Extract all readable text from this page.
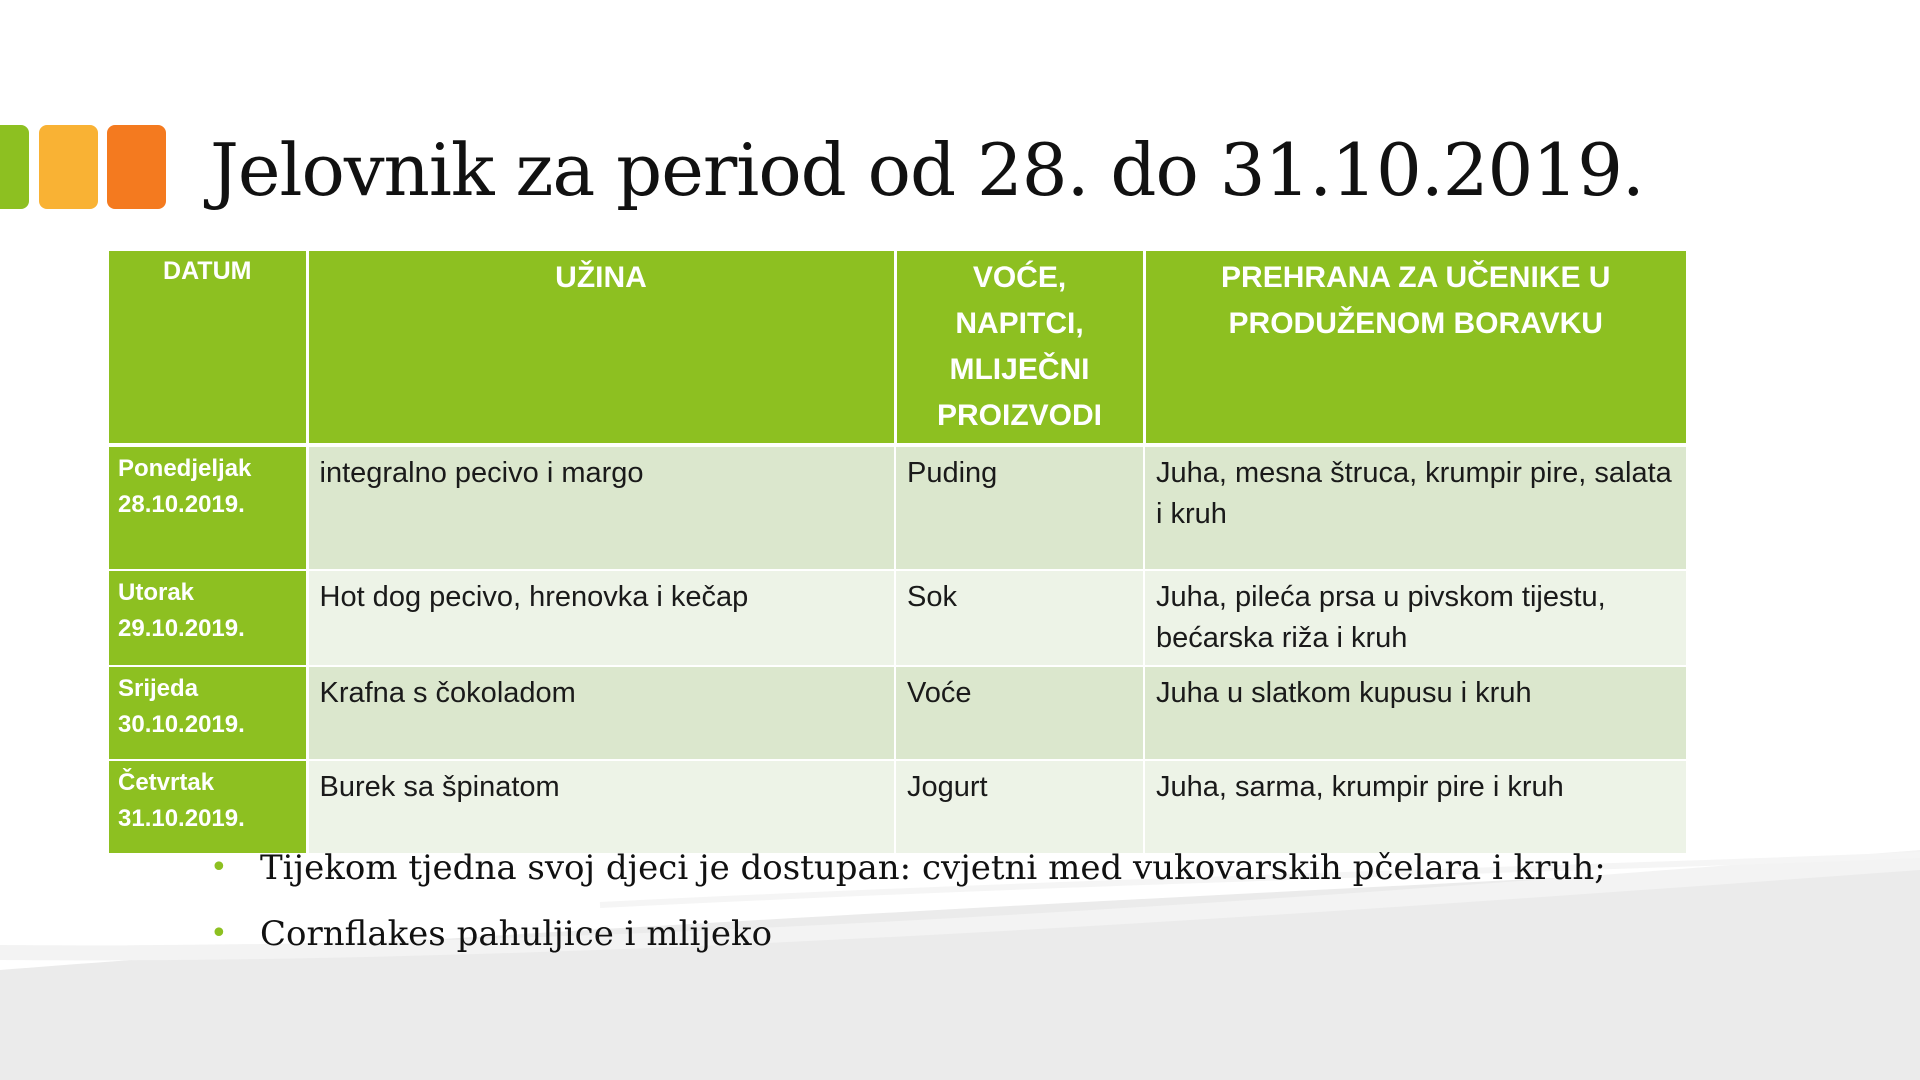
Jelovnik za period od 28. do 31.10.2019.
DATUM	UŽINA	VOĆE, NAPITCI, MLIJEČNI PROIZVODI	PREHRANA ZA UČENIKE U PRODUŽENOM BORAVKU

Ponedjeljak
28.10.2019.	integralno pecivo i margo	Puding	Juha, mesna štruca, krumpir pire, salata i kruh

Utorak
29.10.2019.	Hot dog pecivo, hrenovka i kečap	Sok	Juha, pileća prsa u pivskom tijestu, bećarska riža i kruh

Srijeda
30.10.2019.	Krafna s čokoladom	Voće	Juha u slatkom kupusu i kruh

Četvrtak
31.10.2019.	Burek sa špinatom	Jogurt	Juha, sarma, krumpir pire i kruh
• Tijekom tjedna svoj djeci je dostupan: cvjetni med vukovarskih pčelara i kruh;
• Cornflakes pahuljice i mlijeko
